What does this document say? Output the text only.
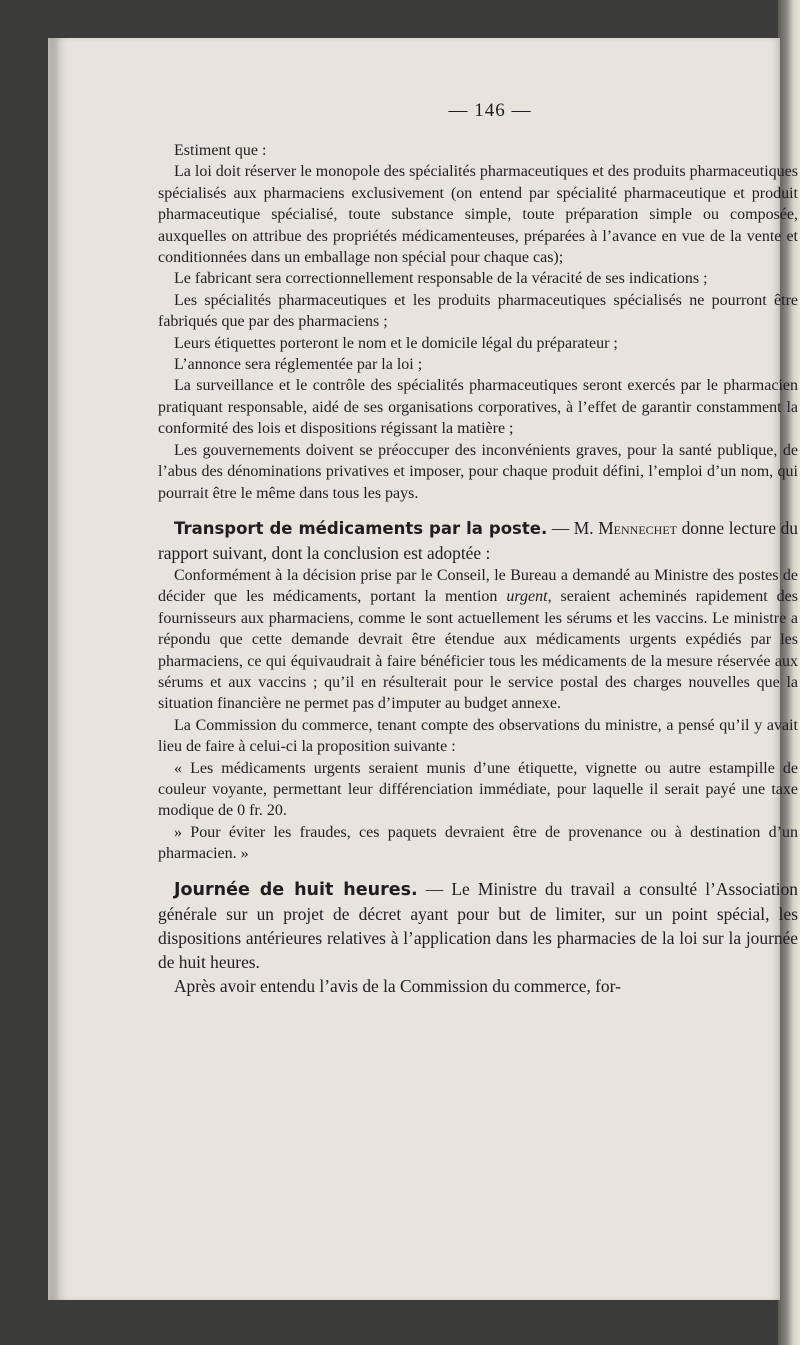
— 146 —

Estiment que :

La loi doit réserver le monopole des spécialités pharmaceutiques et des produits pharmaceutiques spécialisés aux pharmaciens exclusivement (on entend par spécialité pharmaceutique et produit pharmaceutique spécialisé, toute substance simple, toute préparation simple ou composée, auxquelles on attribue des propriétés médicamenteuses, préparées à l’avance en vue de la vente et conditionnées dans un emballage non spécial pour chaque cas);

Le fabricant sera correctionnellement responsable de la véracité de ses indications ;

Les spécialités pharmaceutiques et les produits pharmaceutiques spécialisés ne pourront être fabriqués que par des pharmaciens ;

Leurs étiquettes porteront le nom et le domicile légal du préparateur ;

L’annonce sera réglementée par la loi ;

La surveillance et le contrôle des spécialités pharmaceutiques seront exercés par le pharmacien pratiquant responsable, aidé de ses organisations corporatives, à l’effet de garantir constamment la conformité des lois et dispositions régissant la matière ;

Les gouvernements doivent se préoccuper des inconvénients graves, pour la santé publique, de l’abus des dénominations privatives et imposer, pour chaque produit défini, l’emploi d’un nom, qui pourrait être le même dans tous les pays.

Transport de médicaments par la poste. — M. Mennechet donne lecture du rapport suivant, dont la conclusion est adoptée :

Conformément à la décision prise par le Conseil, le Bureau a demandé au Ministre des postes de décider que les médicaments, portant la mention urgent, seraient acheminés rapidement des fournisseurs aux pharmaciens, comme le sont actuellement les sérums et les vaccins. Le ministre a répondu que cette demande devrait être étendue aux médicaments urgents expédiés par les pharmaciens, ce qui équivaudrait à faire bénéficier tous les médicaments de la mesure réservée aux sérums et aux vaccins ; qu’il en résulterait pour le service postal des charges nouvelles que la situation financière ne permet pas d’imputer au budget annexe.

La Commission du commerce, tenant compte des observations du ministre, a pensé qu’il y avait lieu de faire à celui-ci la proposition suivante :

« Les médicaments urgents seraient munis d’une étiquette, vignette ou autre estampille de couleur voyante, permettant leur différenciation immédiate, pour laquelle il serait payé une taxe modique de 0 fr. 20.

» Pour éviter les fraudes, ces paquets devraient être de provenance ou à destination d’un pharmacien. »

Journée de huit heures. — Le Ministre du travail a consulté l’Association générale sur un projet de décret ayant pour but de limiter, sur un point spécial, les dispositions antérieures relatives à l’application dans les pharmacies de la loi sur la journée de huit heures.

Après avoir entendu l’avis de la Commission du commerce, for-
